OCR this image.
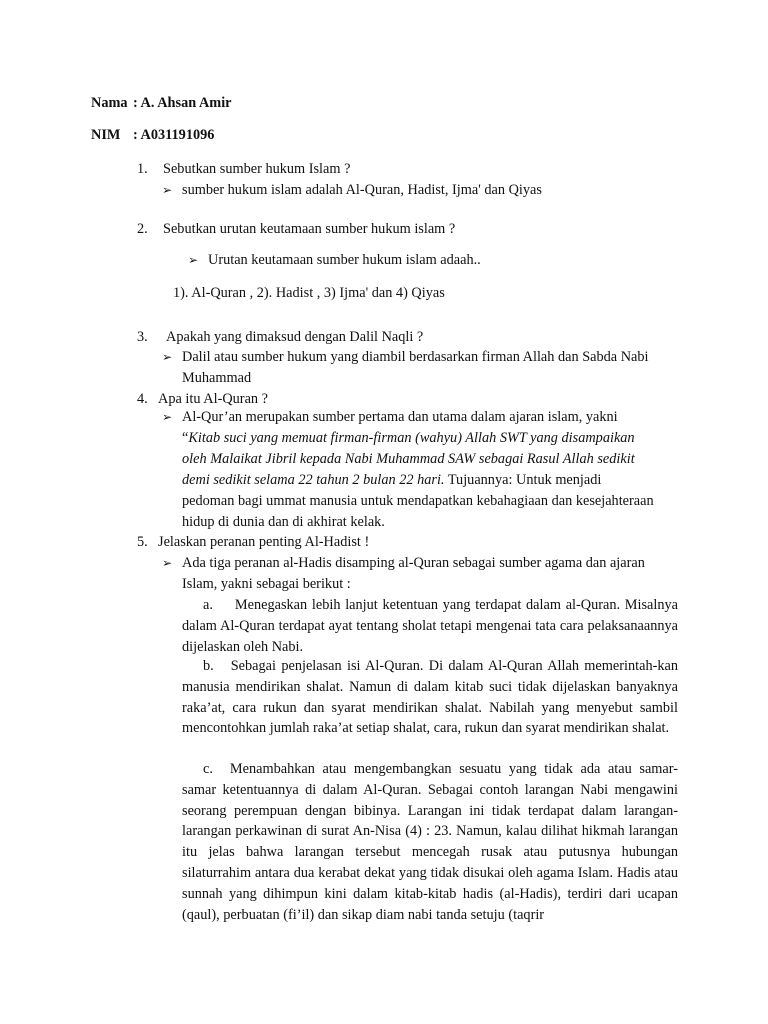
Nama : A. Ahsan Amir
NIM : A031191096
1. Sebutkan sumber hukum Islam ?
➢ sumber hukum islam adalah Al-Quran, Hadist, Ijma' dan Qiyas
2. Sebutkan urutan keutamaan sumber hukum islam ?
➢ Urutan keutamaan sumber hukum islam adaah..
1). Al-Quran , 2). Hadist , 3) Ijma' dan 4) Qiyas
3. Apakah yang dimaksud dengan Dalil Naqli ?
➢ Dalil atau sumber hukum yang diambil berdasarkan firman Allah dan Sabda Nabi
Muhammad
4. Apa itu Al-Quran ?
➢ Al-Qur’an merupakan sumber pertama dan utama dalam ajaran islam, yakni
“Kitab suci yang memuat firman-firman (wahyu) Allah SWT yang disampaikan
oleh Malaikat Jibril kepada Nabi Muhammad SAW sebagai Rasul Allah sedikit
demi sedikit selama 22 tahun 2 bulan 22 hari. Tujuannya: Untuk menjadi
pedoman bagi ummat manusia untuk mendapatkan kebahagiaan dan kesejahteraan
hidup di dunia dan di akhirat kelak.
5. Jelaskan peranan penting Al-Hadist !
➢ Ada tiga peranan al-Hadis disamping al-Quran sebagai sumber agama dan ajaran
Islam, yakni sebagai berikut :
a. Menegaskan lebih lanjut ketentuan yang terdapat dalam al-Quran. Misalnya dalam Al-Quran terdapat ayat tentang sholat tetapi mengenai tata cara pelaksanaannya dijelaskan oleh Nabi.
b. Sebagai penjelasan isi Al-Quran. Di dalam Al-Quran Allah memerintah-kan manusia mendirikan shalat. Namun di dalam kitab suci tidak dijelaskan banyaknya raka’at, cara rukun dan syarat mendirikan shalat. Nabilah yang menyebut sambil mencontohkan jumlah raka’at setiap shalat, cara, rukun dan syarat mendirikan shalat.
c. Menambahkan atau mengembangkan sesuatu yang tidak ada atau samar-samar ketentuannya di dalam Al-Quran. Sebagai contoh larangan Nabi mengawini seorang perempuan dengan bibinya. Larangan ini tidak terdapat dalam larangan-larangan perkawinan di surat An-Nisa (4) : 23. Namun, kalau dilihat hikmah larangan itu jelas bahwa larangan tersebut mencegah rusak atau putusnya hubungan silaturrahim antara dua kerabat dekat yang tidak disukai oleh agama Islam. Hadis atau sunnah yang dihimpun kini dalam kitab-kitab hadis (al-Hadis), terdiri dari ucapan (qaul), perbuatan (fi’il) dan sikap diam nabi tanda setuju (taqrir
